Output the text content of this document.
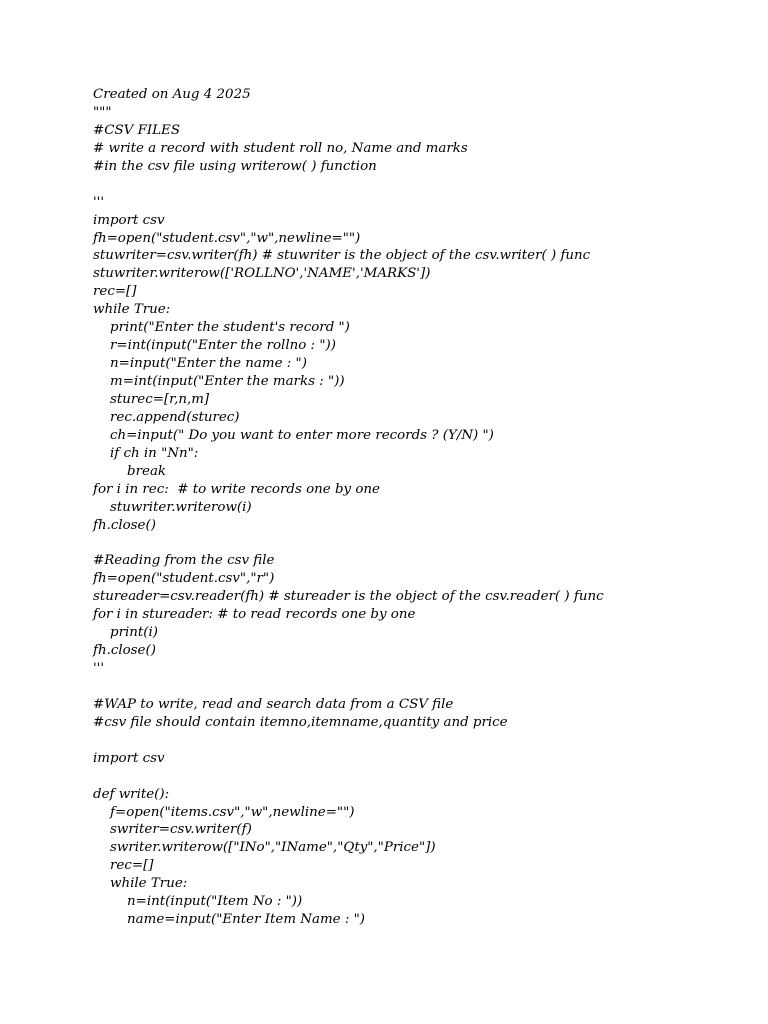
Created on Aug 4 2025
"""
#CSV FILES
# write a record with student roll no, Name and marks
#in the csv file using writerow( ) function
'''
import csv
fh=open("student.csv","w",newline="")
stuwriter=csv.writer(fh) # stuwriter is the object of the csv.writer( ) func
stuwriter.writerow(['ROLLNO','NAME','MARKS'])
rec=[]
while True:
print("Enter the student's record ")
r=int(input("Enter the rollno : "))
n=input("Enter the name : ")
m=int(input("Enter the marks : "))
sturec=[r,n,m]
rec.append(sturec)
ch=input(" Do you want to enter more records ? (Y/N) ")
if ch in "Nn":
break
for i in rec:  # to write records one by one
stuwriter.writerow(i)
fh.close()
#Reading from the csv file
fh=open("student.csv","r")
stureader=csv.reader(fh) # stureader is the object of the csv.reader( ) func
for i in stureader: # to read records one by one
print(i)
fh.close()
'''
#WAP to write, read and search data from a CSV file
#csv file should contain itemno,itemname,quantity and price
import csv
def write():
f=open("items.csv","w",newline="")
swriter=csv.writer(f)
swriter.writerow(["INo","IName","Qty","Price"])
rec=[]
while True:
n=int(input("Item No : "))
name=input("Enter Item Name : ")
